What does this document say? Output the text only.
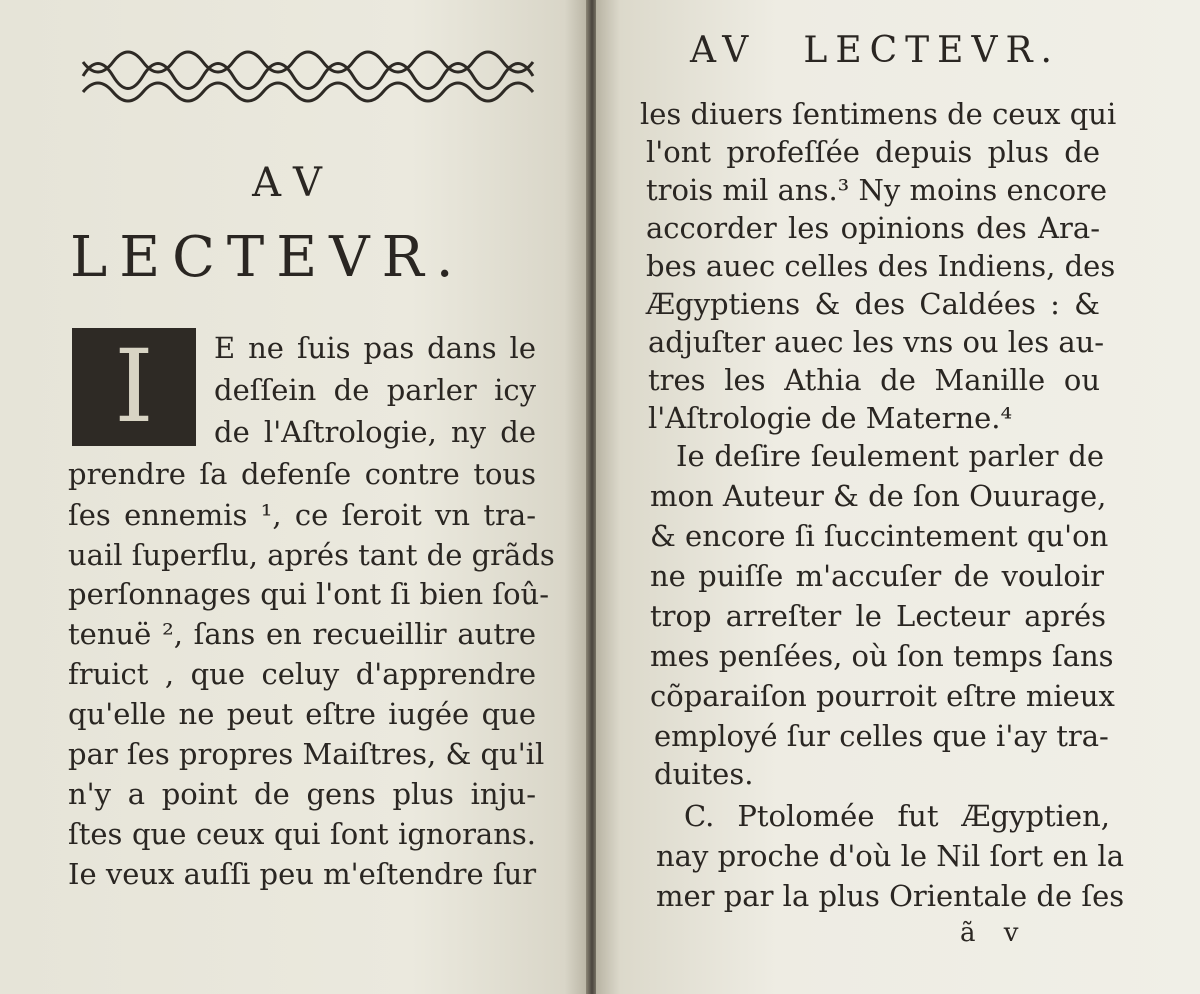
AV
LECTEVR.
I	E ne ſuis pas dans le
deſſein de parler icy
de l'Aſtrologie, ny de
prendre ſa defenſe contre tous
ſes ennemis ¹, ce ſeroit vn tra-
uail ſuperflu, aprés tant de grãds
perſonnages qui l'ont ſi bien ſoû-
tenuë ², ſans en recueillir autre
fruict , que celuy d'apprendre
qu'elle ne peut eſtre iugée que
par ſes propres Maiſtres, & qu'il
n'y a point de gens plus inju-
ſtes que ceux qui ſont ignorans.
Ie veux auſſi peu m'eſtendre ſur
AV LECTEVR.
les diuers ſentimens de ceux qui
l'ont profeſſée depuis plus de
trois mil ans.³ Ny moins encore
accorder les opinions des Ara-
bes auec celles des Indiens, des
Ægyptiens & des Caldées : &
adjuſter auec les vns ou les au-
tres les Athia de Manille ou
l'Aſtrologie de Materne.⁴
Ie deſire ſeulement parler de
mon Auteur & de ſon Ouurage,
& encore ſi ſuccintement qu'on
ne puiſſe m'accuſer de vouloir
trop arreſter le Lecteur aprés
mes penſées, où ſon temps ſans
cõparaiſon pourroit eſtre mieux
employé ſur celles que i'ay tra-
duites.
C. Ptolomée fut Ægyptien,
nay proche d'où le Nil ſort en la
mer par la plus Orientale de ſes
ã v
